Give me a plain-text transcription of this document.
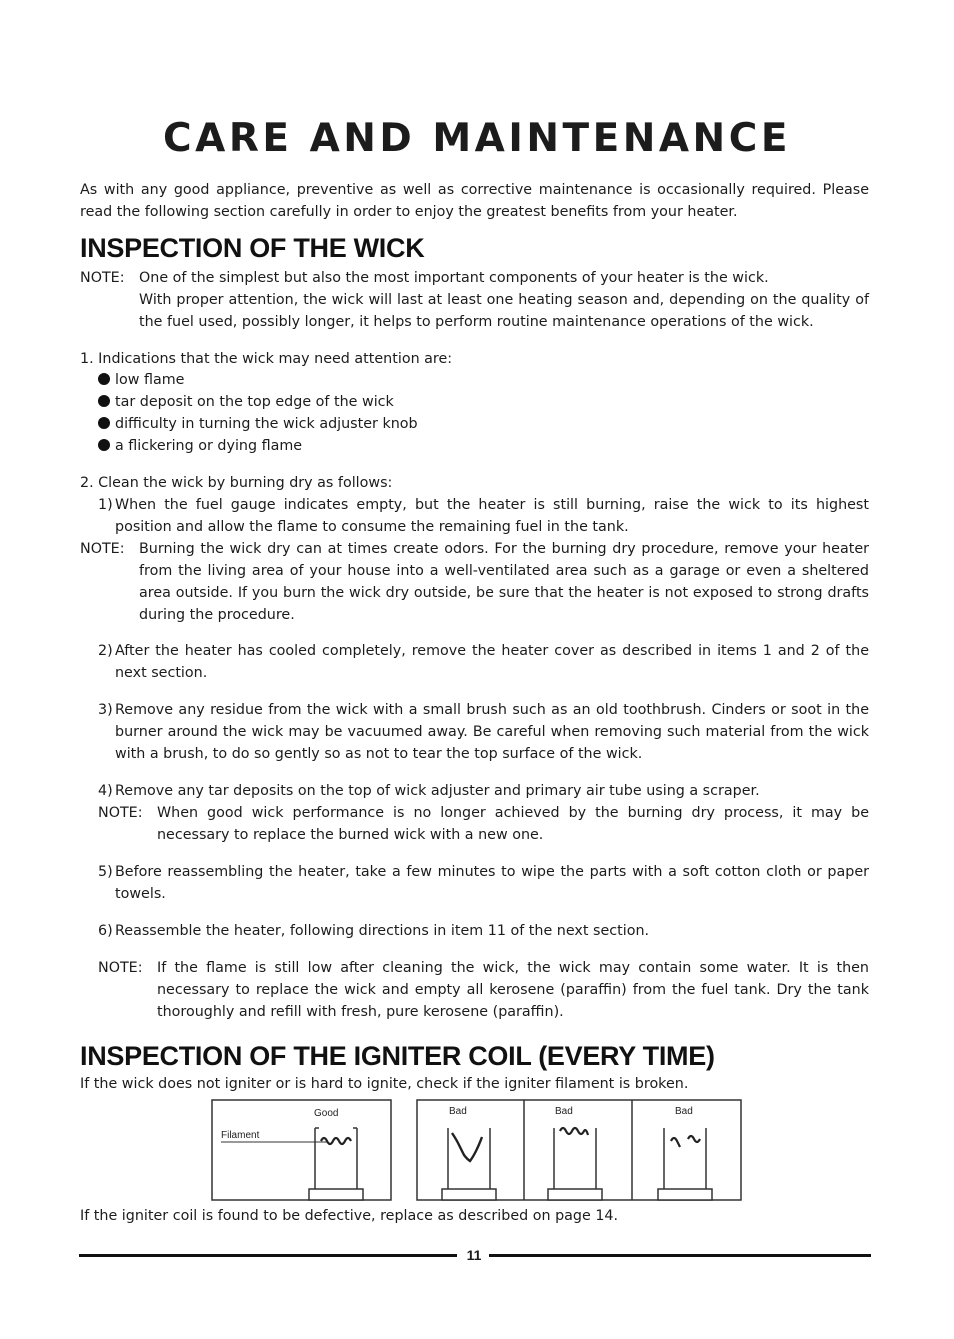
CARE AND MAINTENANCE

As with any good appliance, preventive as well as corrective maintenance is occasionally required. Please read the following section carefully in order to enjoy the greatest benefits from your heater.

INSPECTION OF THE WICK
NOTE:	One of the simplest but also the most important components of your heater is the wick.
With proper attention, the wick will last at least one heating season and, depending on the quality of the fuel used, possibly longer, it helps to perform routine maintenance operations of the wick.

1. Indications that the wick may need attention are:

low flame
tar deposit on the top edge of the wick
difficulty in turning the wick adjuster knob
a flickering or dying flame

2. Clean the wick by burning dry as follows:

1) When the fuel gauge indicates empty, but the heater is still burning, raise the wick to its highest position and allow the flame to consume the remaining fuel in the tank.
NOTE:	Burning the wick dry can at times create odors. For the burning dry procedure, remove your heater from the living area of your house into a well-ventilated area such as a garage or even a sheltered area outside. If you burn the wick dry outside, be sure that the heater is not exposed to strong drafts during the procedure.
2) After the heater has cooled completely, remove the heater cover as described in items 1 and 2 of the next section.
3) Remove any residue from the wick with a small brush such as an old toothbrush. Cinders or soot in the burner around the wick may be vacuumed away. Be careful when removing such material from the wick with a brush, to do so gently so as not to tear the top surface of the wick.
4) Remove any tar deposits on the top of wick adjuster and primary air tube using a scraper.
NOTE:	When good wick performance is no longer achieved by the burning dry process, it may be necessary to replace the burned wick with a new one.
5) Before reassembling the heater, take a few minutes to wipe the parts with a soft cotton cloth or paper towels.
6) Reassemble the heater, following directions in item 11 of the next section.
NOTE:	If the flame is still low after cleaning the wick, the wick may contain some water. It is then necessary to replace the wick and empty all kerosene (paraffin) from the fuel tank. Dry the tank thoroughly and refill with fresh, pure kerosene (paraffin).
INSPECTION OF THE IGNITER COIL (EVERY TIME)

If the wick does not igniter or is hard to ignite, check if the igniter filament is broken.

Good
Filament
Bad	Bad	Bad

If the igniter coil is found to be defective, replace as described on page 14.

11
